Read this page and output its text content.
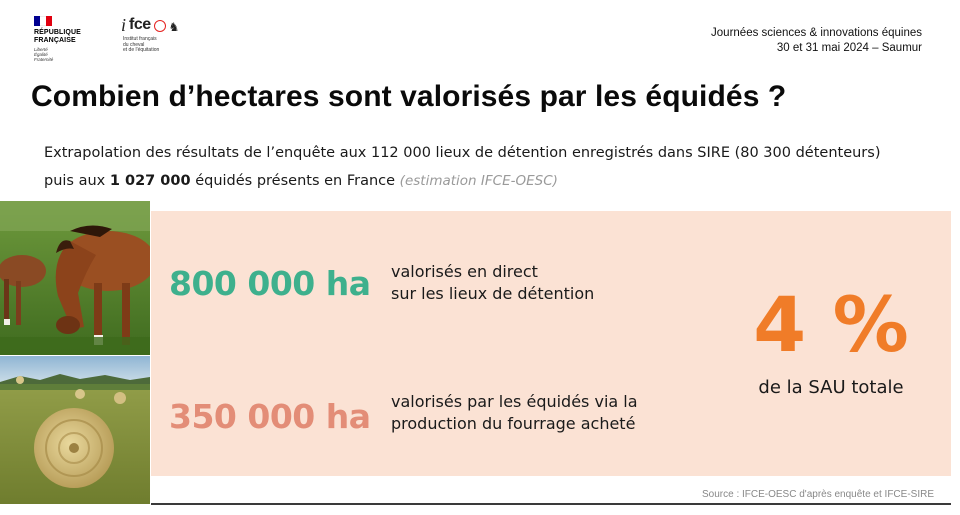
RÉPUBLIQUE
FRANÇAISE
Liberté
Égalité
Fraternité
i fce ♞
Institut français
du cheval
et de l'équitation
Journées sciences & innovations équines
30 et 31 mai 2024 – Saumur
Combien d’hectares sont valorisés par les équidés ?
Extrapolation des résultats de l’enquête aux 112 000 lieux de détention enregistrés dans SIRE (80 300 détenteurs)
puis aux 1 027 000 équidés présents en France (estimation IFCE-OESC)
800 000 ha valorisés en direct
sur les lieux de détention
350 000 ha valorisés par les équidés via la
production du fourrage acheté
4 %
de la SAU totale
Source : IFCE-OESC d'après enquête et IFCE-SIRE
